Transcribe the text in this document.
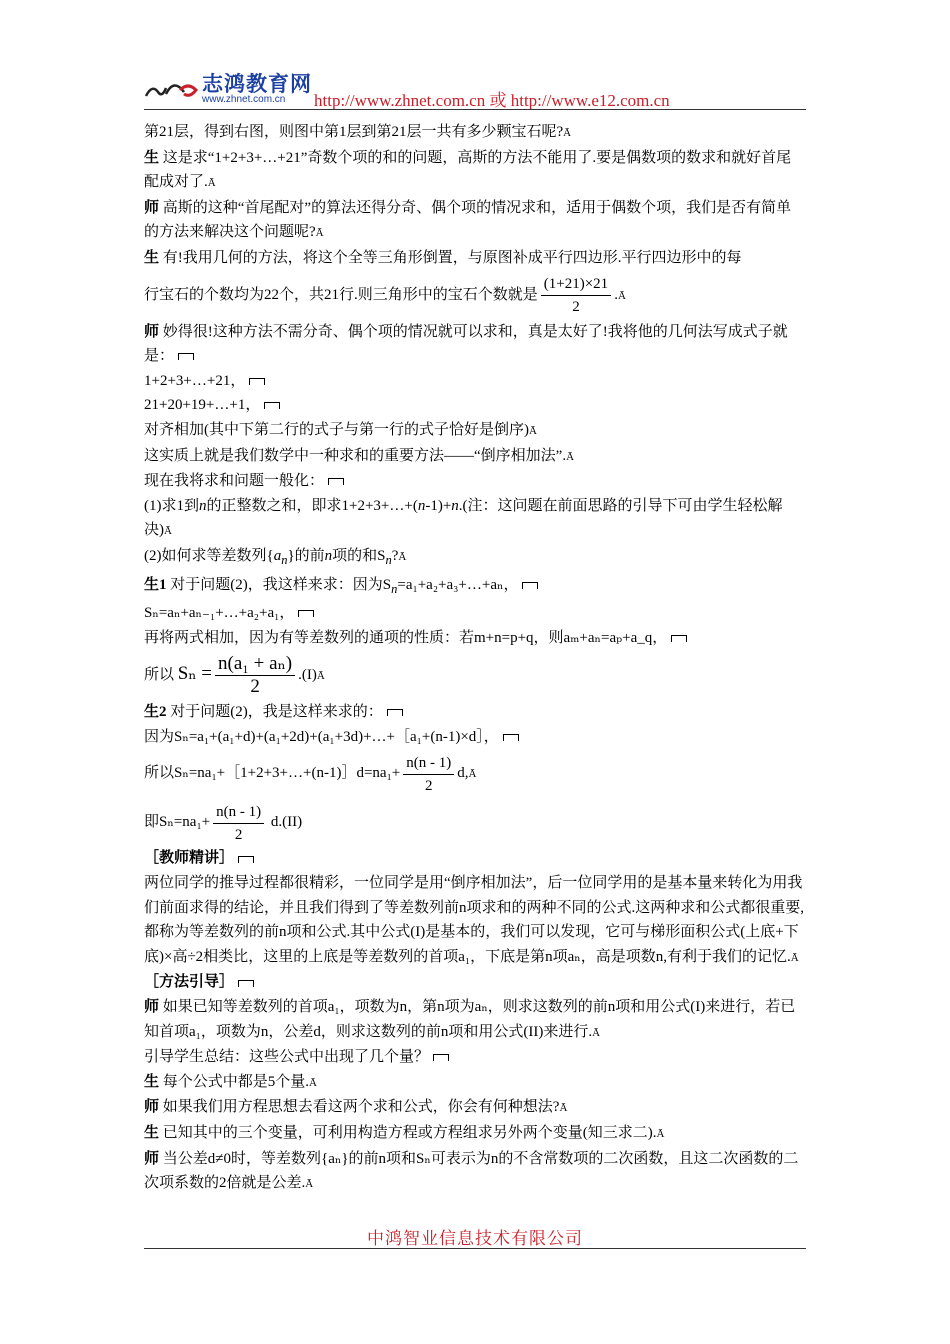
志鸿教育网
www.zhnet.com.cn http://www.zhnet.com.cn 或 http://www.e12.com.cn

第21层，得到右图，则图中第1层到第21层一共有多少颗宝石呢?Ā

生 这是求“1+2+3+…+21”奇数个项的和的问题，高斯的方法不能用了.要是偶数项的数求和就好首尾配成对了.Ā

师 高斯的这种“首尾配对”的算法还得分奇、偶个项的情况求和，适用于偶数个项，我们是否有简单的方法来解决这个问题呢?Ā

生 有!我用几何的方法，将这个全等三角形倒置，与原图补成平行四边形.平行四边形中的每

行宝石的个数均为22个，共21行.则三角形中的宝石个数就是 $\frac{(1+21)\times 21}{2}$ .Ā

师 妙得很!这种方法不需分奇、偶个项的情况就可以求和，真是太好了!我将他的几何法写成式子就是：

1+2+3+…+21，

21+20+19+…+1，

对齐相加(其中下第二行的式子与第一行的式子恰好是倒序)Ā

这实质上就是我们数学中一种求和的重要方法——“倒序相加法”.Ā

现在我将求和问题一般化：

(1)求1到n的正整数之和，即求1+2+3+…+(n-1)+n.(注：这问题在前面思路的引导下可由学生轻松解决)Ā

(2)如何求等差数列$\{a_n\}$的前n项的和$S_n?Ā$

生1 对于问题(2)，我这样来求：因为$S_n=a_1+a_2+a_3+\dots+a_n$，

Sₙ=aₙ+aₙ₋₁+…+a₂+a₁，

再将两式相加，因为有等差数列的通项的性质：若m+n=p+q，则aₘ+aₙ=aₚ+a_q，

所以 $S_n = \frac{\text{n(a₁ + aₙ)}}{2}$ .(I)Ā

生2 对于问题(2)，我是这样来求的：

因为Sₙ=a₁+(a₁+d)+(a₁+2d)+(a₁+3d)+…+［a₁+(n-1)×d］，

所以Sₙ=na₁+［1+2+3+…+(n-1)］d=na₁+ $\frac{n(n - 1)}{2}$ d,Ā

即$S_n=na_1+ \frac{n(n - 1)}{2} d.(II)$

［教师精讲］

两位同学的推导过程都很精彩，一位同学是用“倒序相加法”，后一位同学用的是基本量来转化为用我们前面求得的结论，并且我们得到了等差数列前n项求和的两种不同的公式.这两种求和公式都很重要,都称为等差数列的前n项和公式.其中公式(I)是基本的，我们可以发现，它可与梯形面积公式(上底+下底)×高÷2相类比，这里的上底是等差数列的首项a₁，下底是第n项aₙ，高是项数n,有利于我们的记忆.Ā

［方法引导］

师 如果已知等差数列的首项a₁，项数为n，第n项为aₙ，则求这数列的前n项和用公式(I)来进行，若已知首项a₁，项数为n，公差d，则求这数列的前n项和用公式(II)来进行.Ā

引导学生总结：这些公式中出现了几个量？

生 每个公式中都是5个量.Ā

师 如果我们用方程思想去看这两个求和公式，你会有何种想法?Ā

生 已知其中的三个变量，可利用构造方程或方程组求另外两个变量(知三求二).Ā

师 当公差d≠0时，等差数列{aₙ}的前n项和Sₙ可表示为n的不含常数项的二次函数，且这二次函数的二次项系数的2倍就是公差.Ā

中鸿智业信息技术有限公司
